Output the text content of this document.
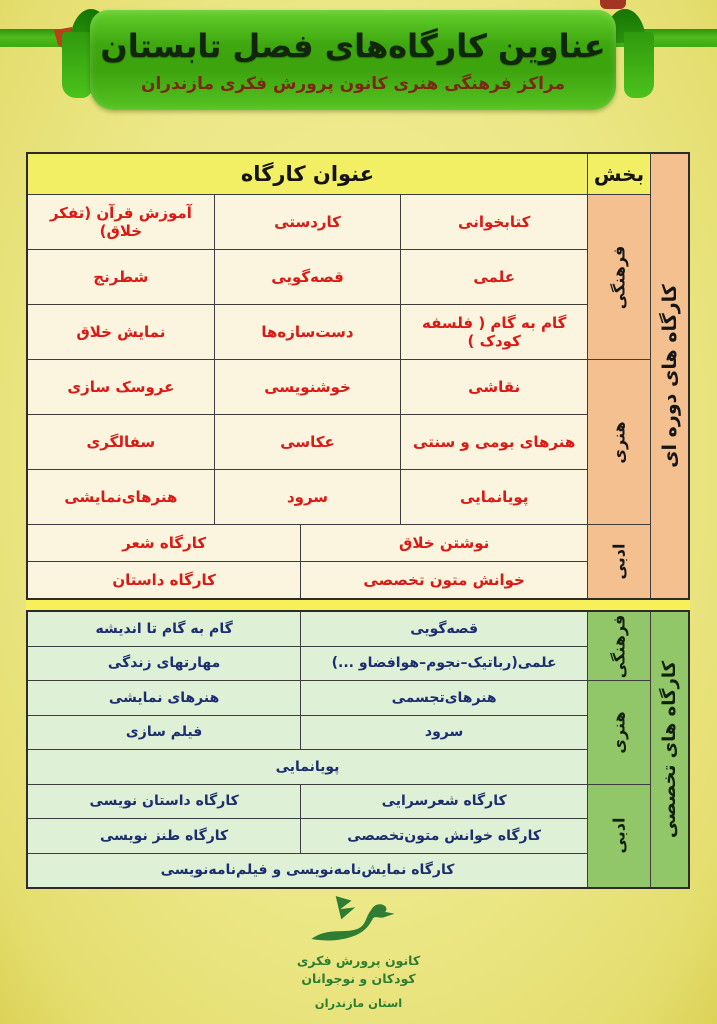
عناوین کارگاه‌های فصل تابستان
مراکز فرهنگی هنری کانون پرورش فکری مازندران
کارگاه های دوره ای
بخش
عنوان کارگاه
فرهنگی
هنری
ادبی
کتابخوانی
کاردستی
آموزش قرآن (تفکر خلاق)
علمی
قصه‌گویی
شطرنج
گام به گام ( فلسفه کودک )
دست‌سازه‌ها
نمایش خلاق
نقاشی
خوشنویسی
عروسک سازی
هنرهای بومی و سنتی
عکاسی
سفالگری
پویانمایی
سرود
هنرهای‌نمایشی
نوشتن خلاق
کارگاه شعر
خوانش متون تخصصی
کارگاه داستان
کارگاه های تخصصی
فرهنگی
هنری
ادبی
قصه‌گویی
گام به گام تا اندیشه
علمی(رباتیک–نجوم–هوافضاو ...)
مهارتهای زندگی
هنرهای‌تجسمی
هنرهای نمایشی
سرود
فیلم سازی
پویانمایی
کارگاه شعرسرایی
کارگاه داستان نویسی
کارگاه خوانش متون‌تخصصی
کارگاه طنز نویسی
کارگاه نمایش‌نامه‌نویسی و فیلم‌نامه‌نویسی
کانون پرورش فکری
کودکان و نوجوانان
استان مازندران
